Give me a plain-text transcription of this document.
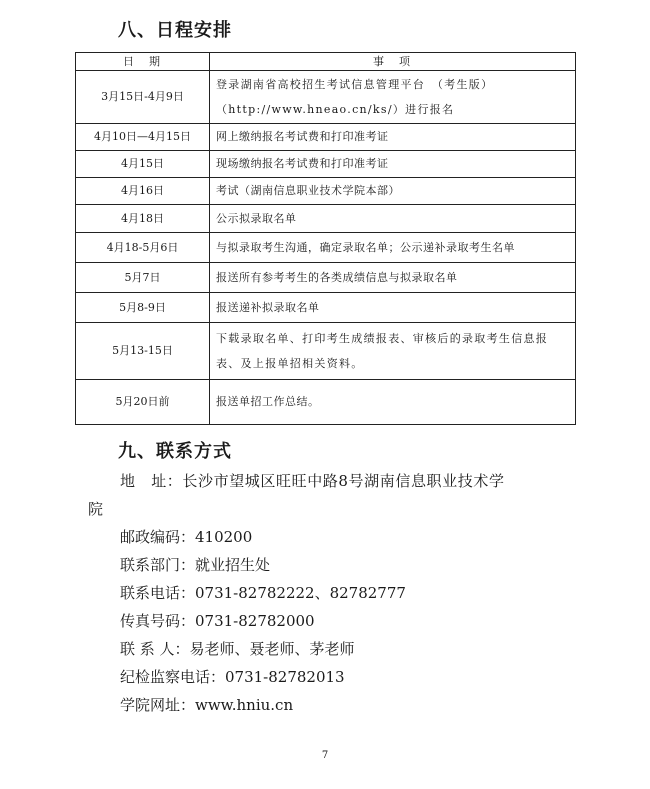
八、日程安排
日　期	事　项
3月15日-4月9日	登录湖南省高校招生考试信息管理平台　（考生版）（http://www.hneao.cn/ks/）进行报名
4月10日—4月15日	网上缴纳报名考试费和打印准考证
4月15日	现场缴纳报名考试费和打印准考证
4月16日	考试（湖南信息职业技术学院本部）
4月18日	公示拟录取名单
4月18-5月6日	与拟录取考生沟通，确定录取名单；公示递补录取考生名单
5月7日	报送所有参考考生的各类成绩信息与拟录取名单
5月8-9日	报送递补拟录取名单
5月13-15日	下载录取名单、打印考生成绩报表、审核后的录取考生信息报表、及上报单招相关资料。
5月20日前	报送单招工作总结。
九、联系方式
地　址：长沙市望城区旺旺中路8号湖南信息职业技术学
院
邮政编码：410200
联系部门：就业招生处
联系电话：0731-82782222、82782777
传真号码：0731-82782000
联 系 人：易老师、聂老师、茅老师
纪检监察电话：0731-82782013
学院网址：www.hniu.cn
7
